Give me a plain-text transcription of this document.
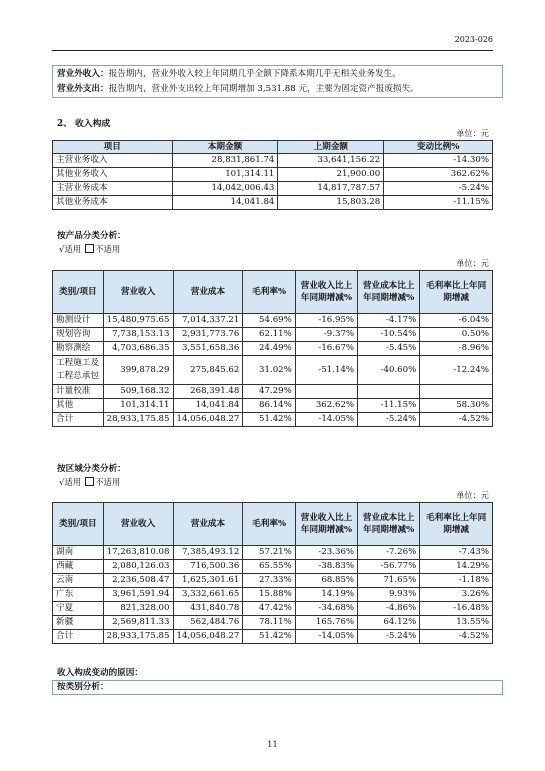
2023-026
营业外收入：报告期内，营业外收入较上年同期几乎全额下降系本期几乎无相关业务发生。
营业外支出：报告期内，营业外支出较上年同期增加 3,531.88 元，主要为固定资产报废损失。
2、 收入构成
单位：元
项目	本期金额	上期金额	变动比例%
主营业务收入	28,831,861.74	33,641,156.22	-14.30%
其他业务收入	101,314.11	21,900.00	362.62%
主营业务成本	14,042,006.43	14,817,787.57	-5.24%
其他业务成本	14,041.84	15,803.28	-11.15%
按产品分类分析：
√适用 不适用
单位：元
类别/项目	营业收入	营业成本	毛利率%	营业收入比上年同期增减%	营业成本比上年同期增减%	毛利率比上年同期增减
勘测设计	15,480,975.65	7,014,337.21	54.69%	-16.95%	-4.17%	-6.04%
规划咨询	7,738,153.13	2,931,773.76	62.11%	-9.37%	-10.54%	0.50%
勘察测绘	4,703,686.35	3,551,658.36	24.49%	-16.67%	-5.45%	-8.96%
工程施工及工程总承包	399,878.29	275,845.62	31.02%	-51.14%	-40.60%	-12.24%
计量校准	509,168.32	268,391.48	47.29%			
其他	101,314.11	14,041.84	86.14%	362.62%	-11.15%	58.30%
合计	28,933,175.85	14,056,048.27	51.42%	-14.05%	-5.24%	-4.52%
按区域分类分析：
√适用 不适用
单位：元
类别/项目	营业收入	营业成本	毛利率%	营业收入比上年同期增减%	营业成本比上年同期增减%	毛利率比上年同期增减
湖南	17,263,810.08	7,385,493.12	57.21%	-23.36%	-7.26%	-7.43%
西藏	2,080,126.03	716,500.36	65.55%	-38.83%	-56.77%	14.29%
云南	2,236,508.47	1,625,301.61	27.33%	68.85%	71.65%	-1.18%
广东	3,961,591.94	3,332,661.65	15.88%	14.19%	9.93%	3.26%
宁夏	821,328.00	431,840.78	47.42%	-34.68%	-4.86%	-16.48%
新疆	2,569,811.33	562,484.76	78.11%	165.76%	64.12%	13.55%
合计	28,933,175.85	14,056,048.27	51.42%	-14.05%	-5.24%	-4.52%
收入构成变动的原因：
按类别分析：
11
